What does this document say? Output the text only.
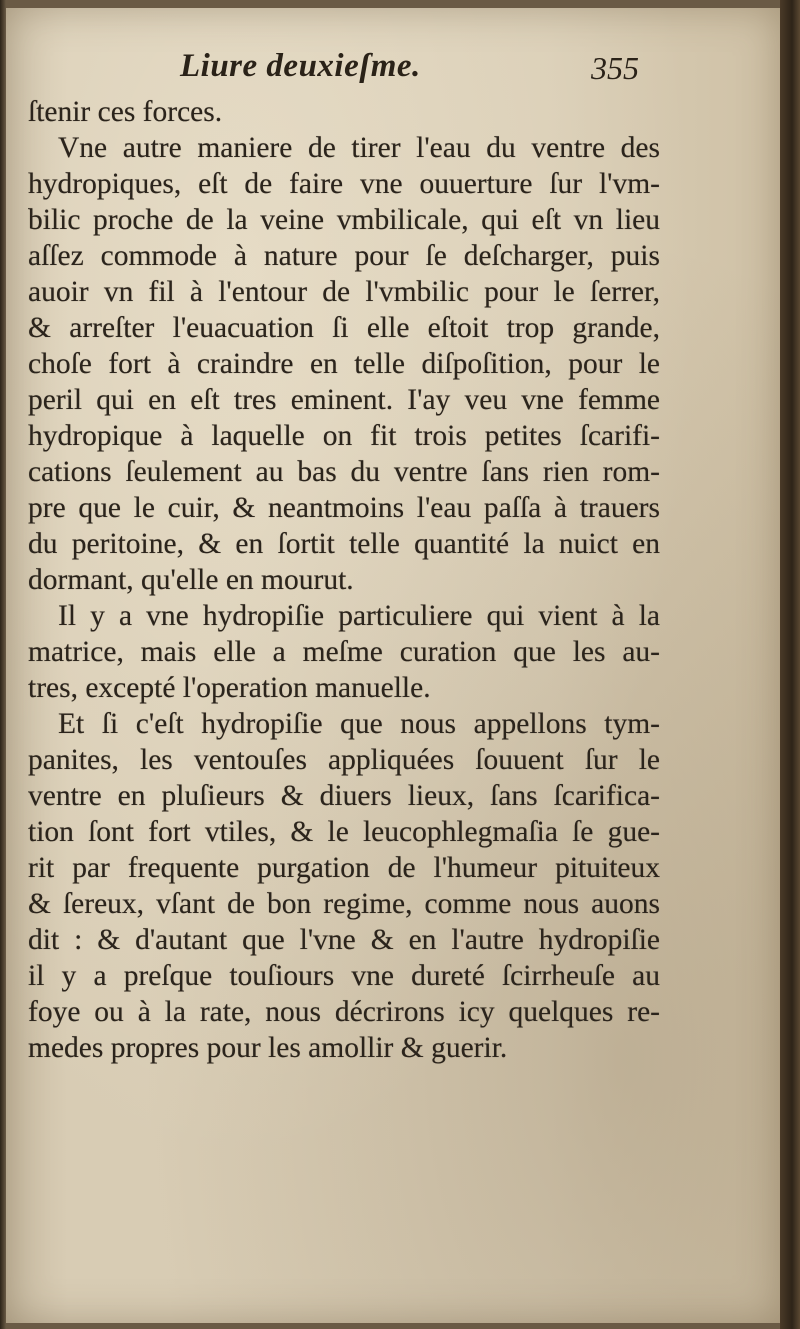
Liure deuxieſme.	355
ſtenir ces forces.
Vne autre maniere de tirer l'eau du ventre des
hydropiques, eſt de faire vne ouuerture ſur l'vm-
bilic proche de la veine vmbilicale, qui eſt vn lieu
aſſez commode à nature pour ſe deſcharger, puis
auoir vn fil à l'entour de l'vmbilic pour le ſerrer,
& arreſter l'euacuation ſi elle eſtoit trop grande,
choſe fort à craindre en telle diſpoſition, pour le
peril qui en eſt tres eminent. I'ay veu vne femme
hydropique à laquelle on fit trois petites ſcarifi-
cations ſeulement au bas du ventre ſans rien rom-
pre que le cuir, & neantmoins l'eau paſſa à trauers
du peritoine, & en ſortit telle quantité la nuict en
dormant, qu'elle en mourut.
Il y a vne hydropiſie particuliere qui vient à la
matrice, mais elle a meſme curation que les au-
tres, excepté l'operation manuelle.
Et ſi c'eſt hydropiſie que nous appellons tym-
panites, les ventouſes appliquées ſouuent ſur le
ventre en pluſieurs & diuers lieux, ſans ſcarifica-
tion ſont fort vtiles, & le leucophlegmaſia ſe gue-
rit par frequente purgation de l'humeur pituiteux
& ſereux, vſant de bon regime, comme nous auons
dit : & d'autant que l'vne & en l'autre hydropiſie
il y a preſque touſiours vne dureté ſcirrheuſe au
foye ou à la rate, nous décrirons icy quelques re-
medes propres pour les amollir & guerir.
